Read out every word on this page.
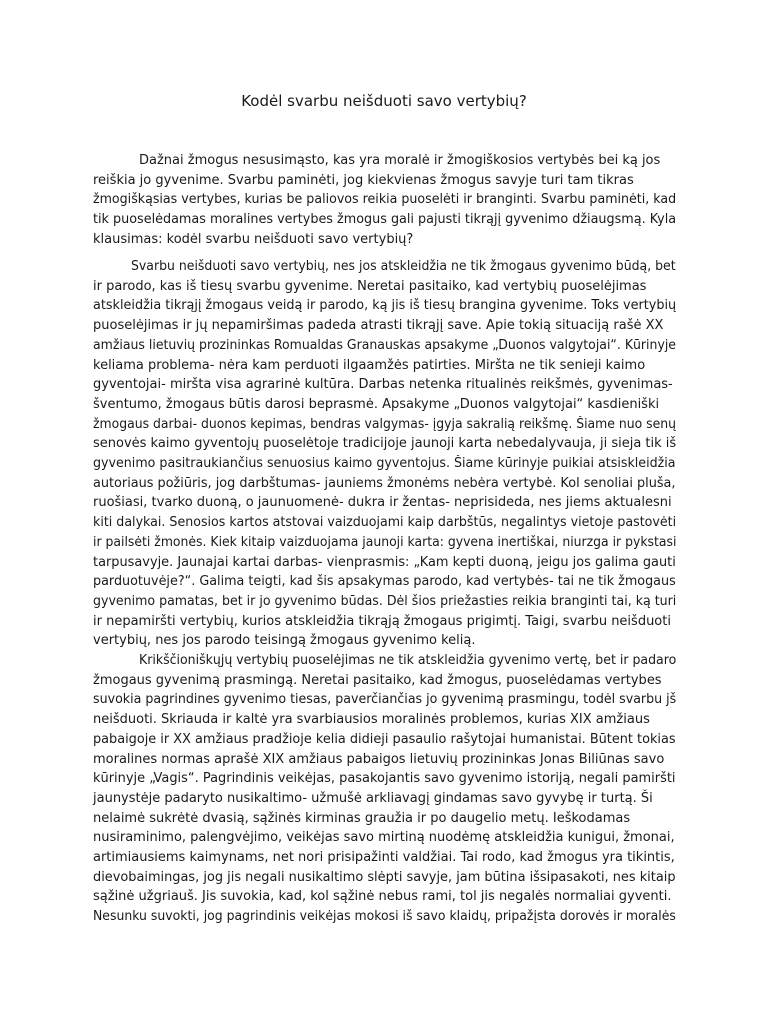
Kodėl svarbu neišduoti savo vertybių?
Dažnai žmogus nesusimąsto, kas yra moralė ir žmogiškosios vertybės bei ką jos
reiškia jo gyvenime. Svarbu paminėti, jog kiekvienas žmogus savyje turi tam tikras
žmogiškąsias vertybes, kurias be paliovos reikia puoselėti ir branginti. Svarbu paminėti, kad
tik puoselėdamas moralines vertybes žmogus gali pajusti tikrąjį gyvenimo džiaugsmą. Kyla
klausimas: kodėl svarbu neišduoti savo vertybių?
Svarbu neišduoti savo vertybių, nes jos atskleidžia ne tik žmogaus gyvenimo būdą, bet
ir parodo, kas iš tiesų svarbu gyvenime. Neretai pasitaiko, kad vertybių puoselėjimas
atskleidžia tikrąjį žmogaus veidą ir parodo, ką jis iš tiesų brangina gyvenime. Toks vertybių
puoselėjimas ir jų nepamiršimas padeda atrasti tikrąjį save. Apie tokią situaciją rašė XX
amžiaus lietuvių prozininkas Romualdas Granauskas apsakyme „Duonos valgytojai“. Kūrinyje
keliama problema- nėra kam perduoti ilgaamžės patirties. Miršta ne tik senieji kaimo
gyventojai- miršta visa agrarinė kultūra. Darbas netenka ritualinės reikšmės, gyvenimas-
šventumo, žmogaus būtis darosi beprasmė. Apsakyme „Duonos valgytojai“ kasdieniški
žmogaus darbai- duonos kepimas, bendras valgymas- įgyja sakralią reikšmę. Šiame nuo senų
senovės kaimo gyventojų puoselėtoje tradicijoje jaunoji karta nebedalyvauja, ji sieja tik iš
gyvenimo pasitraukiančius senuosius kaimo gyventojus. Šiame kūrinyje puikiai atsiskleidžia
autoriaus požiūris, jog darbštumas- jauniems žmonėms nebėra vertybė. Kol senoliai pluša,
ruošiasi, tvarko duoną, o jaunuomenė- dukra ir žentas- neprisideda, nes jiems aktualesni
kiti dalykai. Senosios kartos atstovai vaizduojami kaip darbštūs, negalintys vietoje pastovėti
ir pailsėti žmonės. Kiek kitaip vaizduojama jaunoji karta: gyvena inertiškai, niurzga ir pykstasi
tarpusavyje. Jaunajai kartai darbas- vienprasmis: „Kam kepti duoną, jeigu jos galima gauti
parduotuvėje?“. Galima teigti, kad šis apsakymas parodo, kad vertybės- tai ne tik žmogaus
gyvenimo pamatas, bet ir jo gyvenimo būdas. Dėl šios priežasties reikia branginti tai, ką turi
ir nepamiršti vertybių, kurios atskleidžia tikrąją žmogaus prigimtį. Taigi, svarbu neišduoti
vertybių, nes jos parodo teisingą žmogaus gyvenimo kelią.
Krikščioniškųjų vertybių puoselėjimas ne tik atskleidžia gyvenimo vertę, bet ir padaro
žmogaus gyvenimą prasmingą. Neretai pasitaiko, kad žmogus, puoselėdamas vertybes
suvokia pagrindines gyvenimo tiesas, paverčiančias jo gyvenimą prasmingu, todėl svarbu jš
neišduoti. Skriauda ir kaltė yra svarbiausios moralinės problemos, kurias XIX amžiaus
pabaigoje ir XX amžiaus pradžioje kelia didieji pasaulio rašytojai humanistai. Būtent tokias
moralines normas aprašė XIX amžiaus pabaigos lietuvių prozininkas Jonas Biliūnas savo
kūrinyje „Vagis“. Pagrindinis veikėjas, pasakojantis savo gyvenimo istoriją, negali pamiršti
jaunystėje padaryto nusikaltimo- užmušė arkliavagį gindamas savo gyvybę ir turtą. Ši
nelaimė sukrėtė dvasią, sąžinės kirminas graužia ir po daugelio metų. Ieškodamas
nusiraminimo, palengvėjimo, veikėjas savo mirtiną nuodėmę atskleidžia kunigui, žmonai,
artimiausiems kaimynams, net nori prisipažinti valdžiai. Tai rodo, kad žmogus yra tikintis,
dievobaimingas, jog jis negali nusikaltimo slėpti savyje, jam būtina išsipasakoti, nes kitaip
sąžinė užgriauš. Jis suvokia, kad, kol sąžinė nebus rami, tol jis negalės normaliai gyventi.
Nesunku suvokti, jog pagrindinis veikėjas mokosi iš savo klaidų, pripažįsta dorovės ir moralės
